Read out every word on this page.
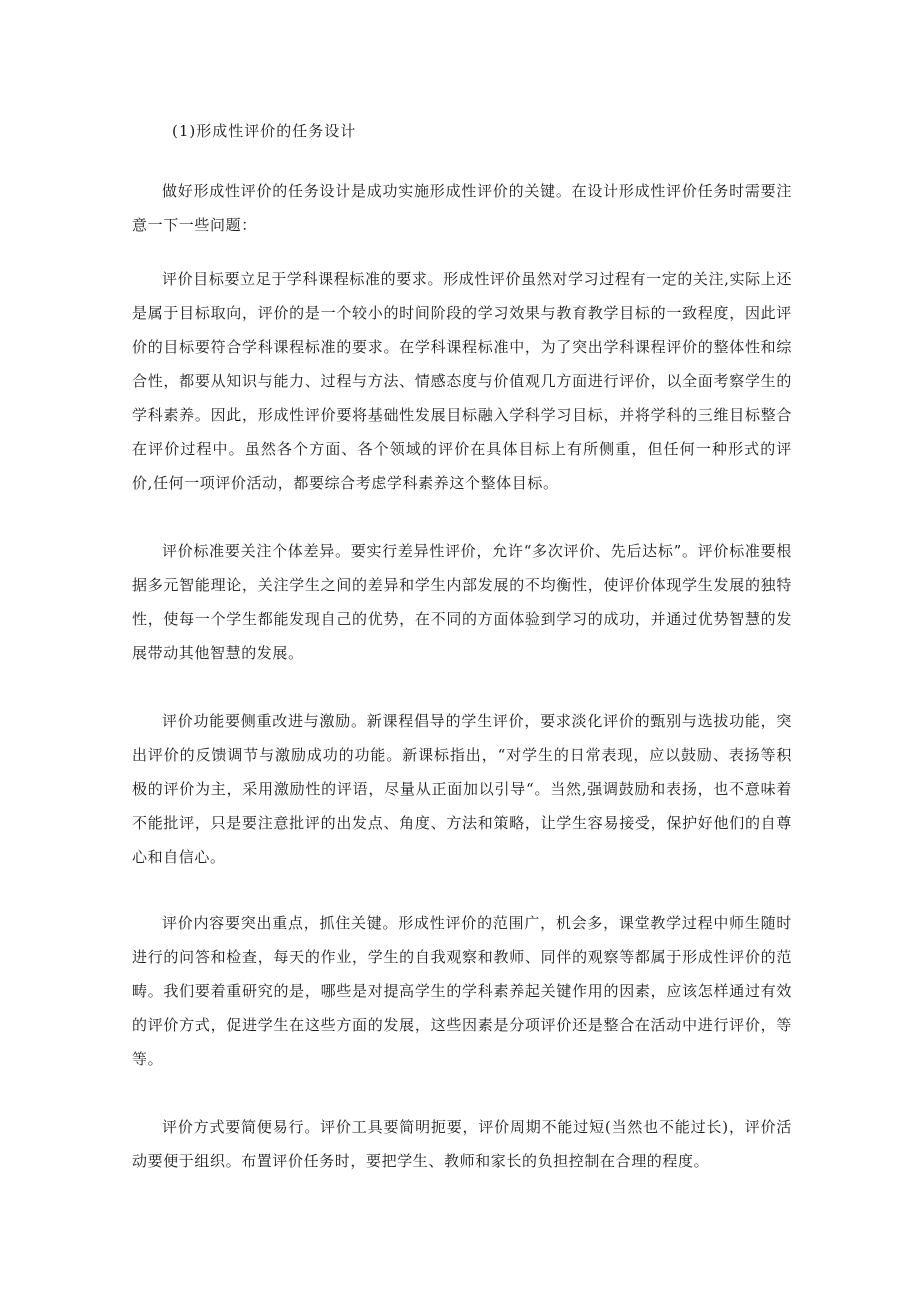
(1)形成性评价的任务设计

做好形成性评价的任务设计是成功实施形成性评价的关键。在设计形成性评价任务时需要注意一下一些问题：

评价目标要立足于学科课程标准的要求。形成性评价虽然对学习过程有一定的关注,实际上还是属于目标取向，评价的是一个较小的时间阶段的学习效果与教育教学目标的一致程度，因此评价的目标要符合学科课程标准的要求。在学科课程标准中，为了突出学科课程评价的整体性和综合性，都要从知识与能力、过程与方法、情感态度与价值观几方面进行评价，以全面考察学生的学科素养。因此，形成性评价要将基础性发展目标融入学科学习目标，并将学科的三维目标整合在评价过程中。虽然各个方面、各个领域的评价在具体目标上有所侧重，但任何一种形式的评价,任何一项评价活动，都要综合考虑学科素养这个整体目标。

评价标准要关注个体差异。要实行差异性评价，允许“多次评价、先后达标”。评价标准要根据多元智能理论，关注学生之间的差异和学生内部发展的不均衡性，使评价体现学生发展的独特性，使每一个学生都能发现自己的优势，在不同的方面体验到学习的成功，并通过优势智慧的发展带动其他智慧的发展。

评价功能要侧重改进与激励。新课程倡导的学生评价，要求淡化评价的甄别与选拔功能，突出评价的反馈调节与激励成功的功能。新课标指出，“对学生的日常表现，应以鼓励、表扬等积极的评价为主，采用激励性的评语，尽量从正面加以引导“。当然,强调鼓励和表扬，也不意味着不能批评，只是要注意批评的出发点、角度、方法和策略，让学生容易接受，保护好他们的自尊心和自信心。

评价内容要突出重点，抓住关键。形成性评价的范围广，机会多，课堂教学过程中师生随时进行的问答和检查，每天的作业，学生的自我观察和教师、同伴的观察等都属于形成性评价的范畴。我们要着重研究的是，哪些是对提高学生的学科素养起关键作用的因素，应该怎样通过有效的评价方式，促进学生在这些方面的发展，这些因素是分项评价还是整合在活动中进行评价，等等。

评价方式要简便易行。评价工具要简明扼要，评价周期不能过短(当然也不能过长)，评价活动要便于组织。布置评价任务时，要把学生、教师和家长的负担控制在合理的程度。
